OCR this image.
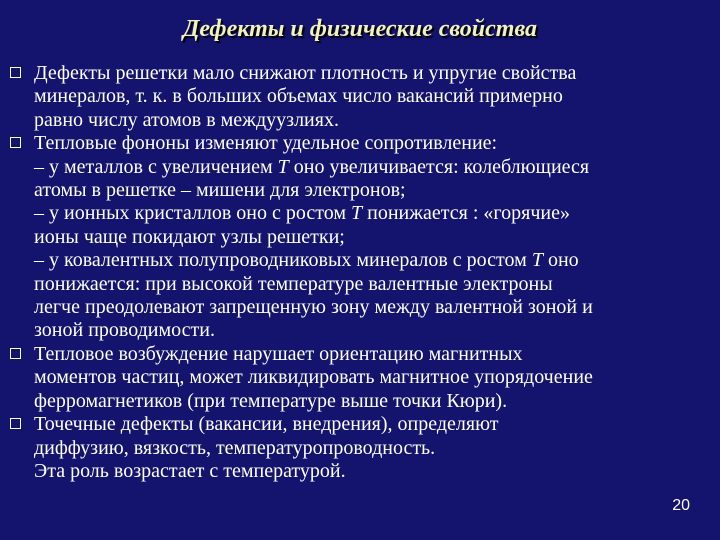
Дефекты и физические свойства
Дефекты решетки мало снижают плотность и упругие свойства
минералов, т. к. в больших объемах число вакансий примерно
равно числу атомов в междуузлиях.
Тепловые фононы изменяют удельное сопротивление:
– у металлов с увеличением T оно увеличивается: колеблющиеся
атомы в решетке – мишени для электронов;
– у ионных кристаллов оно с ростом T понижается : «горячие»
ионы чаще покидают узлы решетки;
– у ковалентных полупроводниковых минералов с ростом T оно
понижается: при высокой температуре валентные электроны
легче преодолевают запрещенную зону между валентной зоной и
зоной проводимости.
Тепловое возбуждение нарушает ориентацию магнитных
моментов частиц, может ликвидировать магнитное упорядочение
ферромагнетиков (при температуре выше точки Кюри).
Точечные дефекты (вакансии, внедрения), определяют
диффузию, вязкость, температуропроводность.
Эта роль возрастает с температурой.
20
